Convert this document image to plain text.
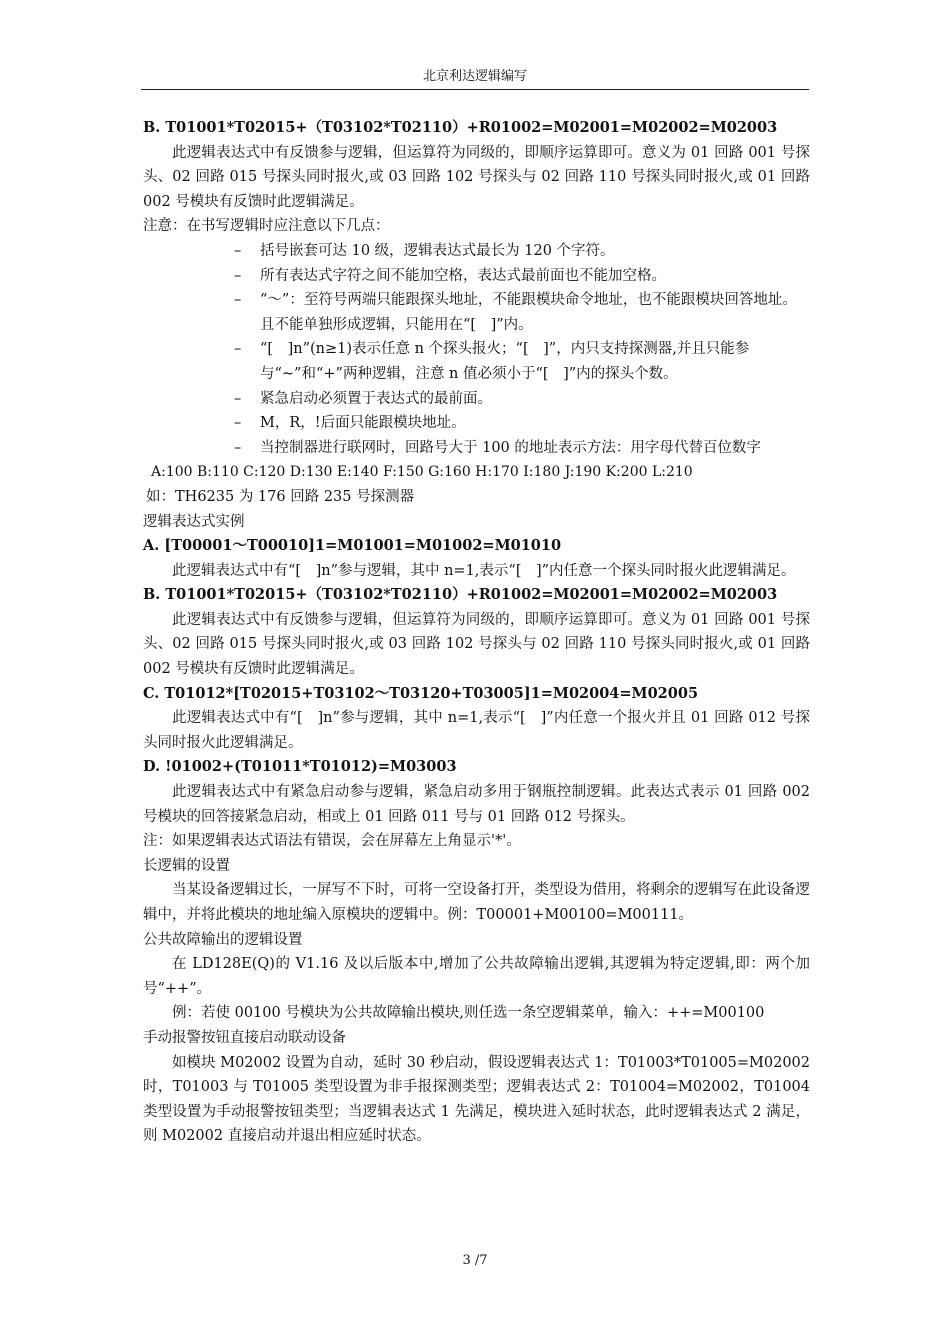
北京利达逻辑编写

B. T01001*T02015+（T03102*T02110）+R01002=M02001=M02002=M02003

此逻辑表达式中有反馈参与逻辑，但运算符为同级的，即顺序运算即可。意义为 01 回路 001 号探头、02 回路 015 号探头同时报火,或 03 回路 102 号探头与 02 回路 110 号探头同时报火,或 01 回路 002 号模块有反馈时此逻辑满足。

注意：在书写逻辑时应注意以下几点：

–	括号嵌套可达 10 级，逻辑表达式最长为 120 个字符。
–	所有表达式字符之间不能加空格，表达式最前面也不能加空格。
–	“～”：至符号两端只能跟探头地址，不能跟模块命令地址，也不能跟模块回答地址。且不能单独形成逻辑，只能用在“[　]”内。
–	“[　]n”(n≥1)表示任意 n 个探头报火；“[　]”，内只支持探测器,并且只能参与“~”和“+”两种逻辑，注意 n 值必须小于“[　]”内的探头个数。
–	紧急启动必须置于表达式的最前面。
–	M，R，!后面只能跟模块地址。
–	当控制器进行联网时，回路号大于 100 的地址表示方法：用字母代替百位数字

A:100 B:110 C:120 D:130 E:140 F:150 G:160 H:170 I:180 J:190 K:200 L:210

如：TH6235 为 176 回路 235 号探测器

逻辑表达式实例

A. [T00001～T00010]1=M01001=M01002=M01010

此逻辑表达式中有“[　]n”参与逻辑，其中 n=1,表示“[　]”内任意一个探头同时报火此逻辑满足。

B. T01001*T02015+（T03102*T02110）+R01002=M02001=M02002=M02003

此逻辑表达式中有反馈参与逻辑，但运算符为同级的，即顺序运算即可。意义为 01 回路 001 号探头、02 回路 015 号探头同时报火,或 03 回路 102 号探头与 02 回路 110 号探头同时报火,或 01 回路 002 号模块有反馈时此逻辑满足。

C. T01012*[T02015+T03102～T03120+T03005]1=M02004=M02005

此逻辑表达式中有“[　]n”参与逻辑，其中 n=1,表示“[　]”内任意一个报火并且 01 回路 012 号探头同时报火此逻辑满足。

D. !01002+(T01011*T01012)=M03003

此逻辑表达式中有紧急启动参与逻辑，紧急启动多用于钢瓶控制逻辑。此表达式表示 01 回路 002 号模块的回答接紧急启动，相或上 01 回路 011 号与 01 回路 012 号探头。

注：如果逻辑表达式语法有错误，会在屏幕左上角显示'*'。

长逻辑的设置

当某设备逻辑过长，一屏写不下时，可将一空设备打开，类型设为借用，将剩余的逻辑写在此设备逻辑中，并将此模块的地址编入原模块的逻辑中。例：T00001+M00100=M00111。

公共故障输出的逻辑设置

在 LD128E(Q)的 V1.16 及以后版本中,增加了公共故障输出逻辑,其逻辑为特定逻辑,即：两个加号“++”。

例：若使 00100 号模块为公共故障输出模块,则任选一条空逻辑菜单，输入：++=M00100

手动报警按钮直接启动联动设备

如模块 M02002 设置为自动，延时 30 秒启动，假设逻辑表达式 1：T01003*T01005=M02002 时，T01003 与 T01005 类型设置为非手报探测类型；逻辑表达式 2：T01004=M02002，T01004 类型设置为手动报警按钮类型；当逻辑表达式 1 先满足，模块进入延时状态，此时逻辑表达式 2 满足，则 M02002 直接启动并退出相应延时状态。

3 /7
